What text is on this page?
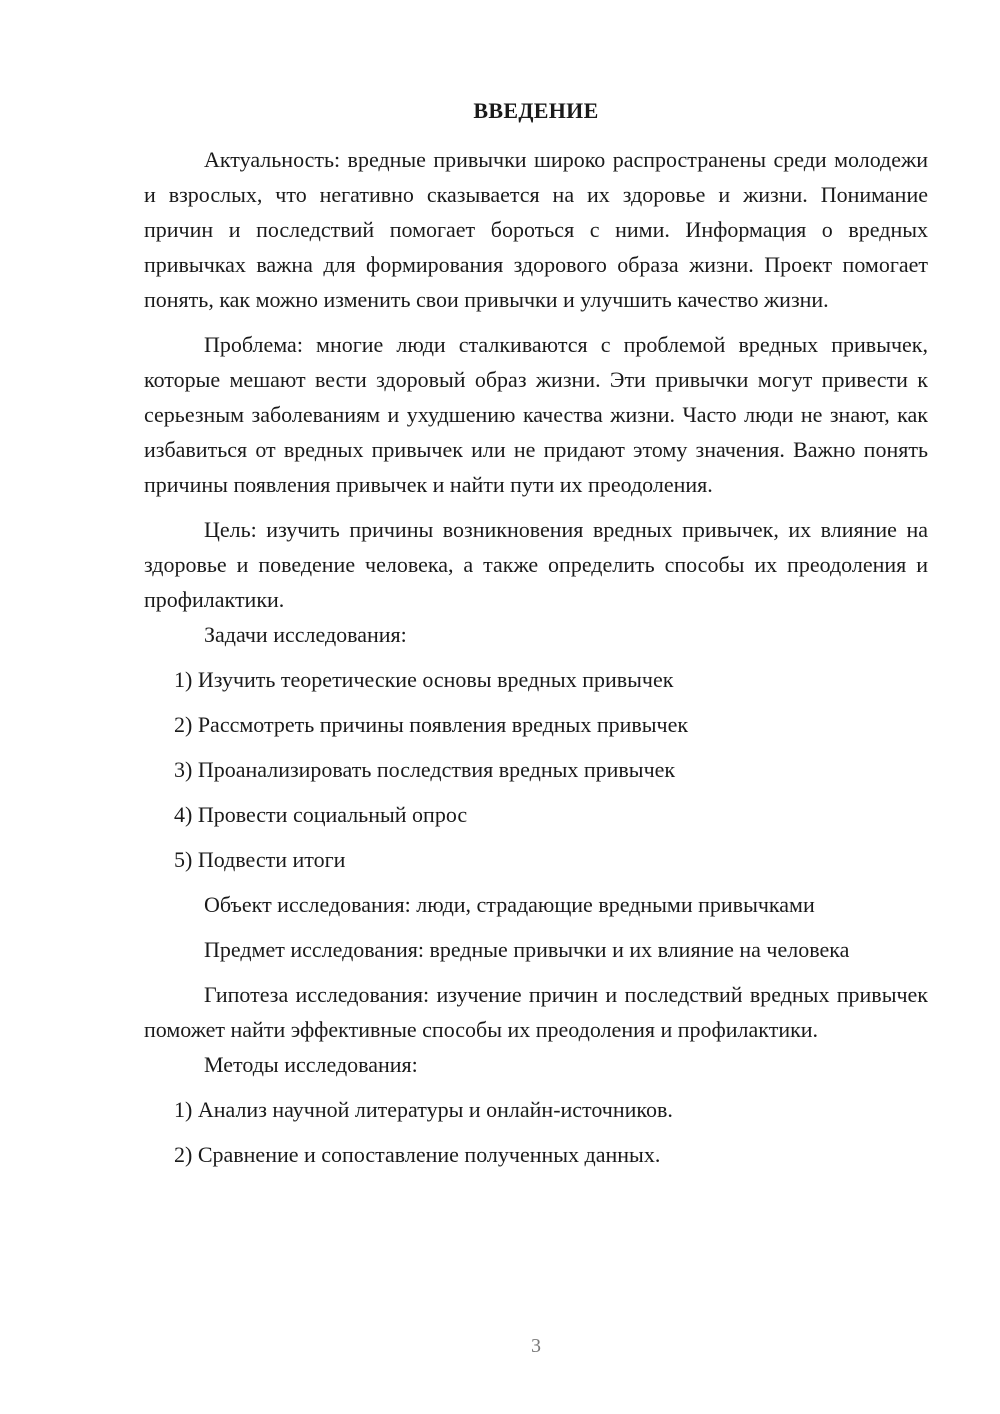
ВВЕДЕНИЕ

Актуальность: вредные привычки широко распространены среди молодежи и взрослых, что негативно сказывается на их здоровье и жизни. Понимание причин и последствий помогает бороться с ними. Информация о вредных привычках важна для формирования здорового образа жизни. Проект помогает понять, как можно изменить свои привычки и улучшить качество жизни.

Проблема: многие люди сталкиваются с проблемой вредных привычек, которые мешают вести здоровый образ жизни. Эти привычки могут привести к серьезным заболеваниям и ухудшению качества жизни. Часто люди не знают, как избавиться от вредных привычек или не придают этому значения. Важно понять причины появления привычек и найти пути их преодоления.

Цель: изучить причины возникновения вредных привычек, их влияние на здоровье и поведение человека, а также определить способы их преодоления и профилактики.

Задачи исследования:

1) Изучить теоретические основы вредных привычек

2) Рассмотреть причины появления вредных привычек

3) Проанализировать последствия вредных привычек

4) Провести социальный опрос

5) Подвести итоги

Объект исследования: люди, страдающие вредными привычками

Предмет исследования: вредные привычки и их влияние на человека

Гипотеза исследования: изучение причин и последствий вредных привычек поможет найти эффективные способы их преодоления и профилактики.

Методы исследования:

1) Анализ научной литературы и онлайн-источников.

2) Сравнение и сопоставление полученных данных.

3
